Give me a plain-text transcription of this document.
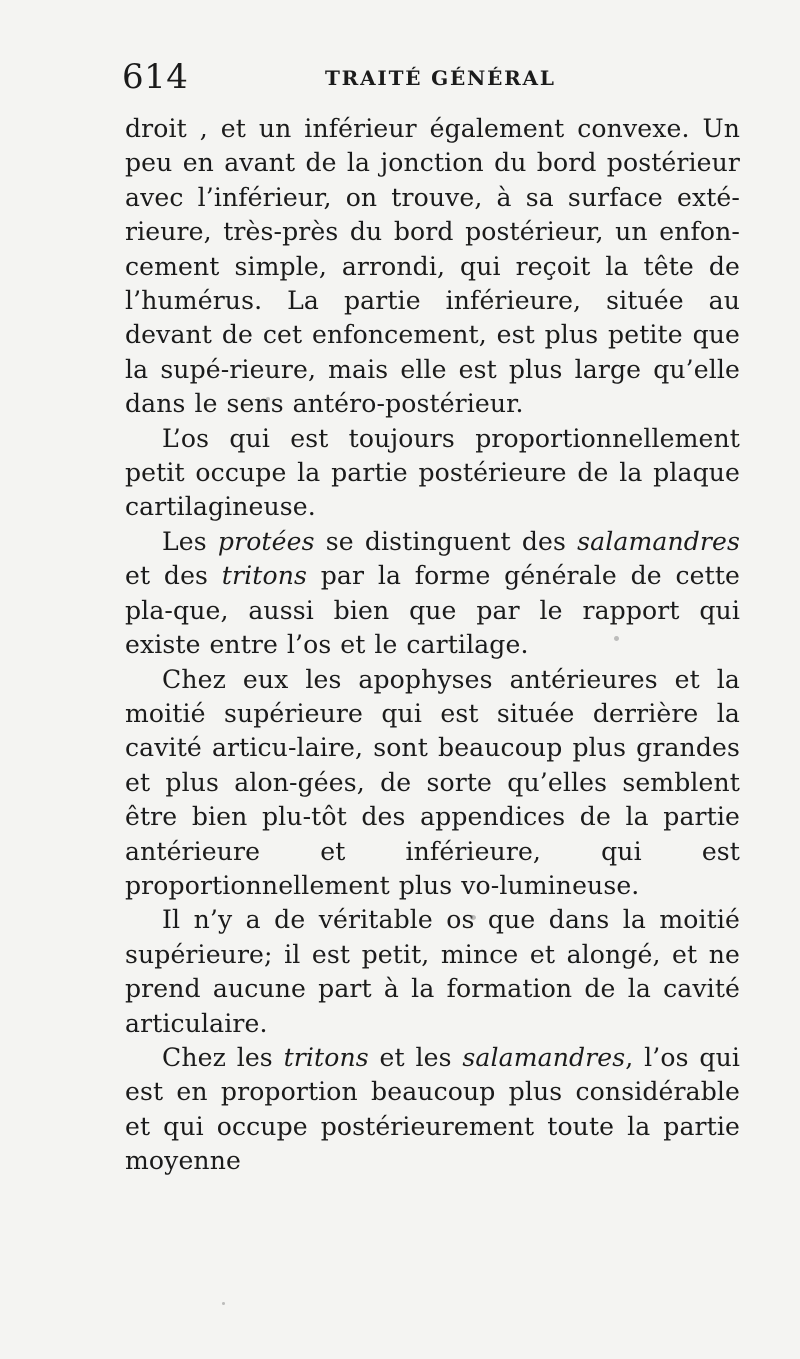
614	TRAITÉ GÉNÉRAL

droit , et un inférieur également convexe. Un peu en avant de la jonction du bord postérieur avec l’inférieur, on trouve, à sa surface exté-rieure, très-près du bord postérieur, un enfon-cement simple, arrondi, qui reçoit la tête de l’humérus. La partie inférieure, située au devant de cet enfoncement, est plus petite que la supé-rieure, mais elle est plus large qu’elle dans le sens antéro-postérieur.

L’os qui est toujours proportionnellement petit occupe la partie postérieure de la plaque cartilagineuse.

Les protées se distinguent des salamandres et des tritons par la forme générale de cette pla-que, aussi bien que par le rapport qui existe entre l’os et le cartilage.

Chez eux les apophyses antérieures et la moitié supérieure qui est située derrière la cavité articu-laire, sont beaucoup plus grandes et plus alon-gées, de sorte qu’elles semblent être bien plu-tôt des appendices de la partie antérieure et inférieure, qui est proportionnellement plus vo-lumineuse.

Il n’y a de véritable os que dans la moitié supérieure; il est petit, mince et alongé, et ne prend aucune part à la formation de la cavité articulaire.

Chez les tritons et les salamandres, l’os qui est en proportion beaucoup plus considérable et qui occupe postérieurement toute la partie moyenne
